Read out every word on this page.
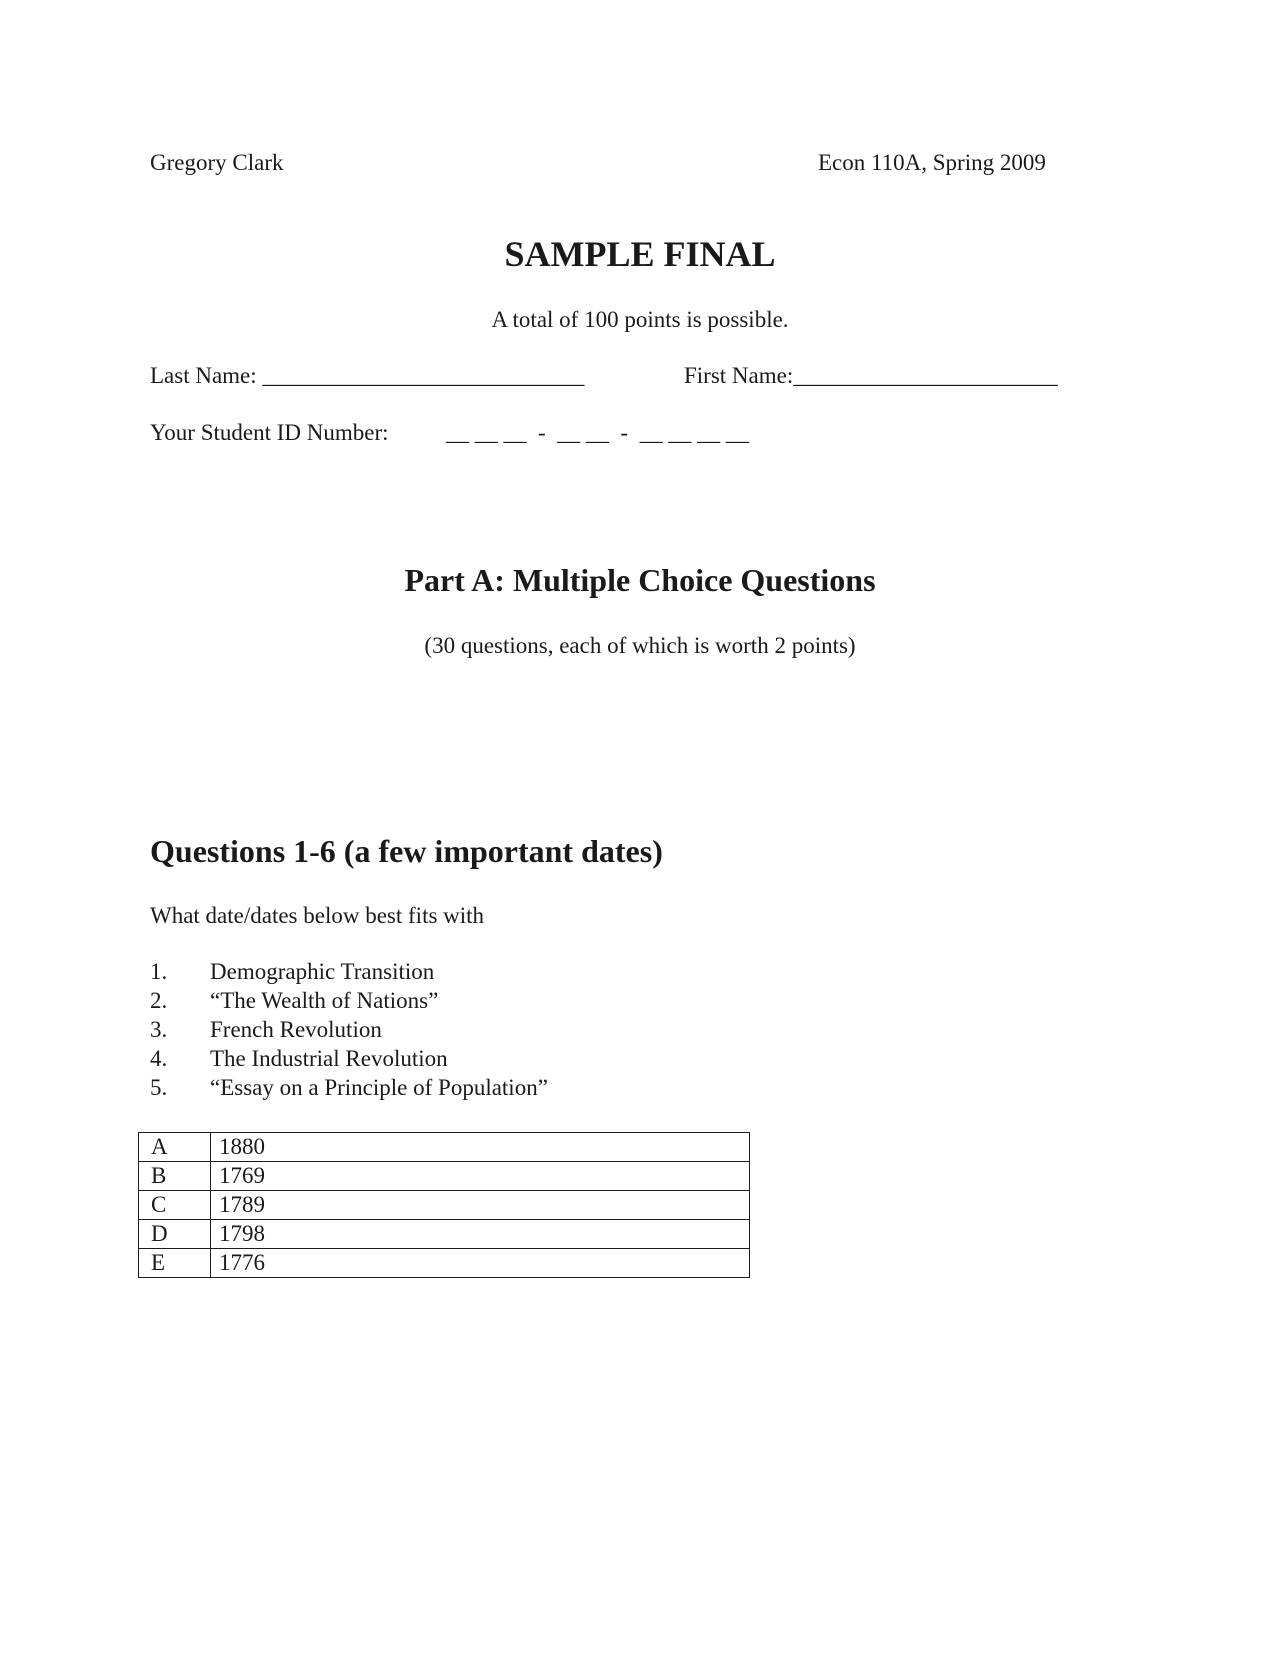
Gregory Clark	Econ 110A, Spring 2009
SAMPLE FINAL
A total of 100 points is possible.
Last Name: ____________________________	First Name:_______________________
Your Student ID Number: __ __ __  -  __ __  -  __ __ __ __
Part A: Multiple Choice Questions
(30 questions, each of which is worth 2 points)
Questions 1-6 (a few important dates)
What date/dates below best fits with
1.	Demographic Transition
2.	“The Wealth of Nations”
3.	French Revolution
4.	The Industrial Revolution
5.	“Essay on a Principle of Population”
A	1880
B	1769
C	1789
D	1798
E	1776
